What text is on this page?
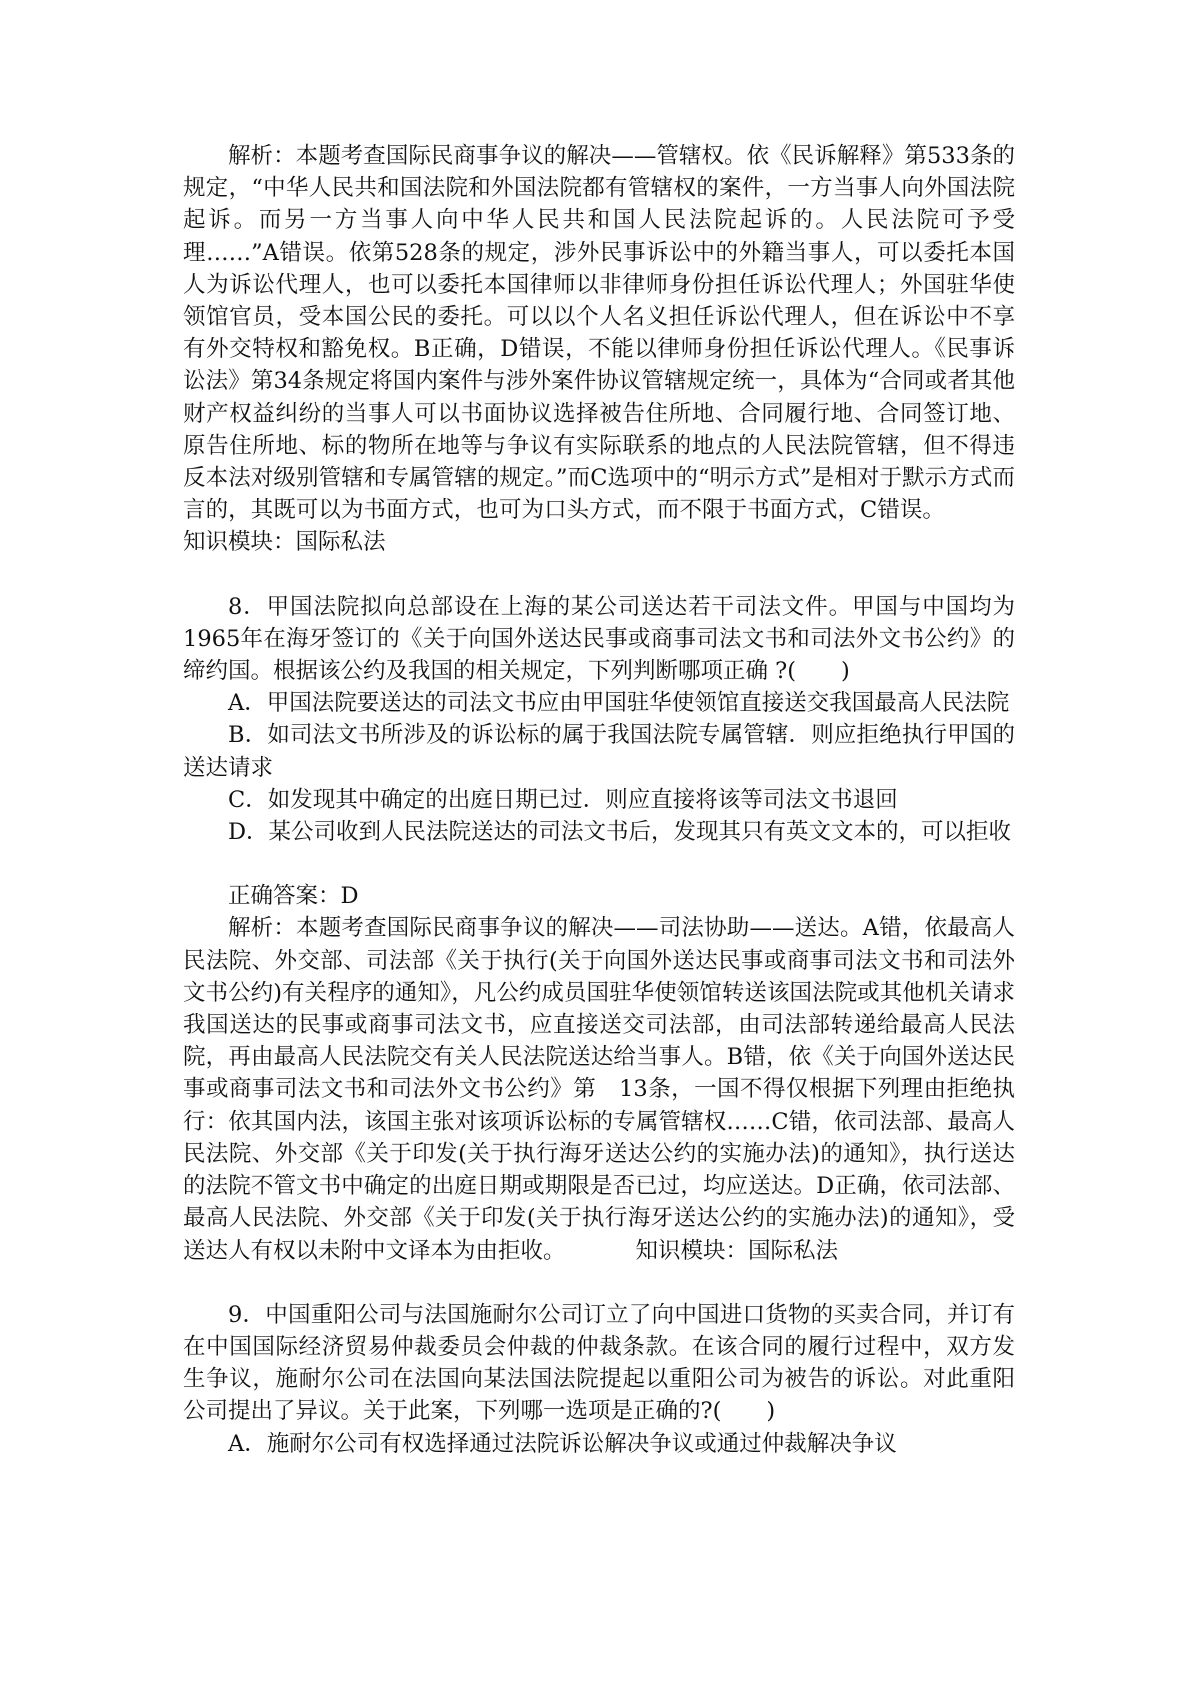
解析：本题考查国际民商事争议的解决——管辖权。依《民诉解释》第533条的规定，“中华人民共和国法院和外国法院都有管辖权的案件，一方当事人向外国法院起诉。而另一方当事人向中华人民共和国人民法院起诉的。人民法院可予受理……”A错误。依第528条的规定，涉外民事诉讼中的外籍当事人，可以委托本国人为诉讼代理人，也可以委托本国律师以非律师身份担任诉讼代理人；外国驻华使领馆官员，受本国公民的委托。可以以个人名义担任诉讼代理人，但在诉讼中不享有外交特权和豁免权。B正确，D错误，不能以律师身份担任诉讼代理人。《民事诉讼法》第34条规定将国内案件与涉外案件协议管辖规定统一，具体为“合同或者其他财产权益纠纷的当事人可以书面协议选择被告住所地、合同履行地、合同签订地、原告住所地、标的物所在地等与争议有实际联系的地点的人民法院管辖，但不得违反本法对级别管辖和专属管辖的规定。”而C选项中的“明示方式”是相对于默示方式而言的，其既可以为书面方式，也可为口头方式，而不限于书面方式，C错误。知识模块：国际私法

8．甲国法院拟向总部设在上海的某公司送达若干司法文件。甲国与中国均为1965年在海牙签订的《关于向国外送达民事或商事司法文书和司法外文书公约》的缔约国。根据该公约及我国的相关规定，下列判断哪项正确 ?(　　)

A．甲国法院要送达的司法文书应由甲国驻华使领馆直接送交我国最高人民法院

B．如司法文书所涉及的诉讼标的属于我国法院专属管辖．则应拒绝执行甲国的送达请求

C．如发现其中确定的出庭日期已过．则应直接将该等司法文书退回

D．某公司收到人民法院送达的司法文书后，发现其只有英文文本的，可以拒收

正确答案：D

解析：本题考查国际民商事争议的解决——司法协助——送达。A错，依最高人民法院、外交部、司法部《关于执行(关于向国外送达民事或商事司法文书和司法外文书公约)有关程序的通知》，凡公约成员国驻华使领馆转送该国法院或其他机关请求我国送达的民事或商事司法文书，应直接送交司法部，由司法部转递给最高人民法院，再由最高人民法院交有关人民法院送达给当事人。B错，依《关于向国外送达民事或商事司法文书和司法外文书公约》第　13条，一国不得仅根据下列理由拒绝执行：依其国内法，该国主张对该项诉讼标的专属管辖权……C错，依司法部、最高人民法院、外交部《关于印发(关于执行海牙送达公约的实施办法)的通知》，执行送达的法院不管文书中确定的出庭日期或期限是否已过，均应送达。D正确，依司法部、最高人民法院、外交部《关于印发(关于执行海牙送达公约的实施办法)的通知》，受送达人有权以未附中文译本为由拒收。	知识模块：国际私法

9．中国重阳公司与法国施耐尔公司订立了向中国进口货物的买卖合同，并订有在中国国际经济贸易仲裁委员会仲裁的仲裁条款。在该合同的履行过程中，双方发生争议，施耐尔公司在法国向某法国法院提起以重阳公司为被告的诉讼。对此重阳公司提出了异议。关于此案，下列哪一选项是正确的?(　　)

A．施耐尔公司有权选择通过法院诉讼解决争议或通过仲裁解决争议
